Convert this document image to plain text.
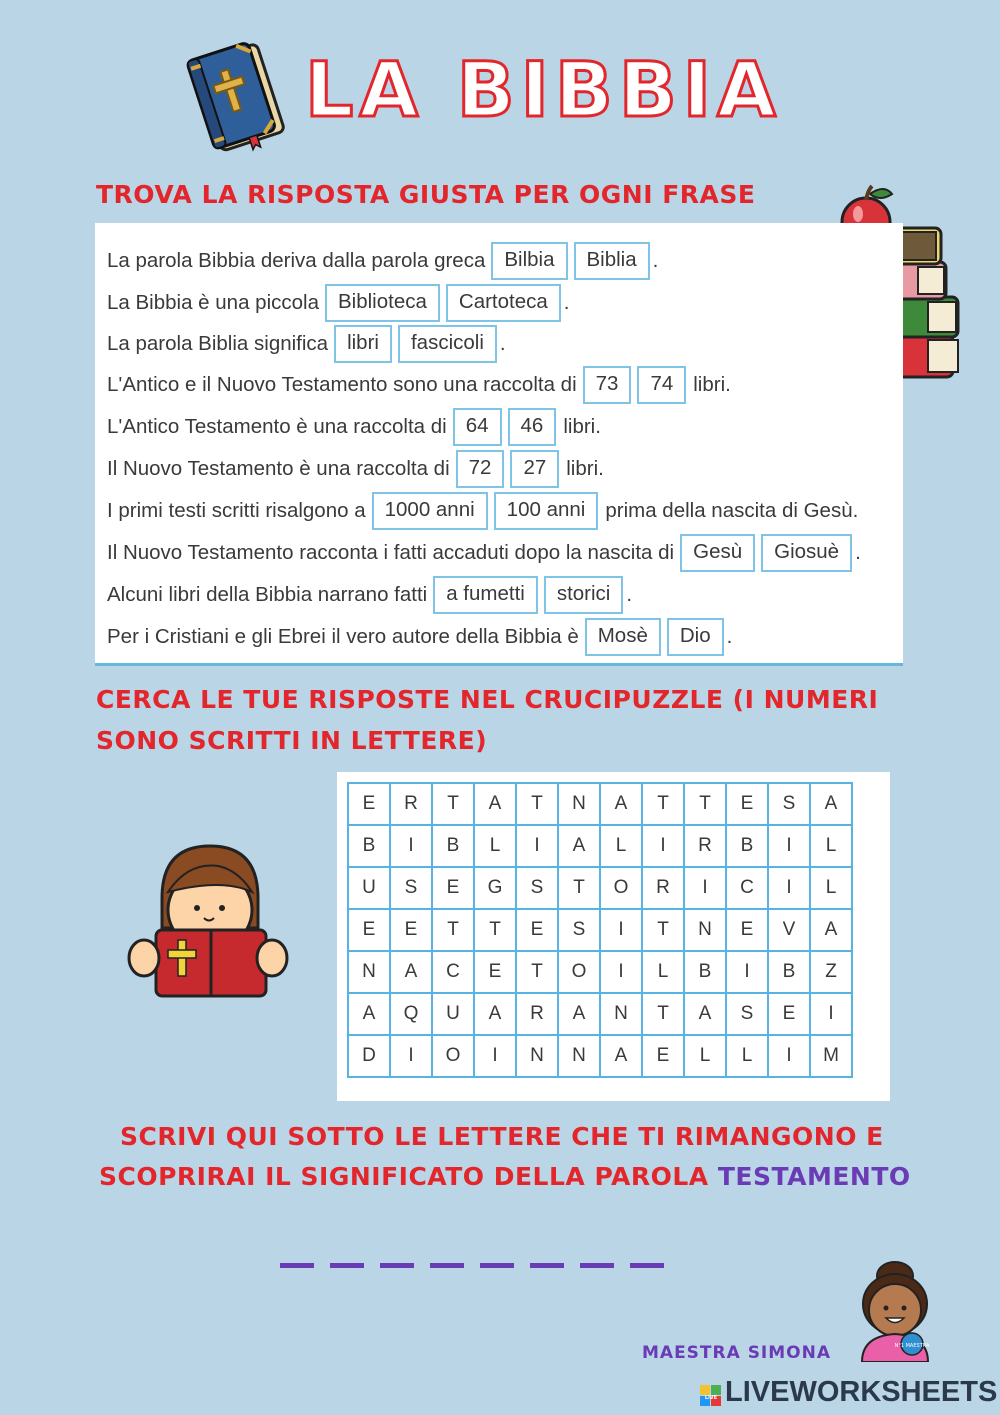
LA BIBBIA
TROVA LA RISPOSTA GIUSTA PER OGNI FRASE
La parola Bibbia deriva dalla parola greca Bilbia	Biblia .
La Bibbia è una piccola Biblioteca	Cartoteca .
La parola Biblia significa libri	fascicoli .
L'Antico e il Nuovo Testamento sono una raccolta di 73	74 libri.
L'Antico Testamento è una raccolta di 64	46 libri.
Il Nuovo Testamento è una raccolta di 72	27 libri.
I primi testi scritti risalgono a 1000 anni	100 anni prima della nascita di Gesù.
Il Nuovo Testamento racconta i fatti accaduti dopo la nascita di Gesù	Giosuè .
Alcuni libri della Bibbia narrano fatti a fumetti	storici .
Per i Cristiani e gli Ebrei il vero autore della Bibbia è Mosè	Dio .
CERCA LE TUE RISPOSTE NEL CRUCIPUZZLE (I NUMERI
SONO SCRITTI IN LETTERE)
E	R	T	A	T	N	A	T	T	E	S	A
B	I	B	L	I	A	L	I	R	B	I	L
U	S	E	G	S	T	O	R	I	C	I	L
E	E	T	T	E	S	I	T	N	E	V	A
N	A	C	E	T	O	I	L	B	I	B	Z
A	Q	U	A	R	A	N	T	A	S	E	I
D	I	O	I	N	N	A	E	L	L	I	M
SCRIVI QUI SOTTO LE LETTERE CHE TI RIMANGONO E
SCOPRIRAI IL SIGNIFICATO DELLA PAROLA TESTAMENTO
MAESTRA SIMONA	N°1 MAESTRA
LIVE LIVEWORKSHEETS
